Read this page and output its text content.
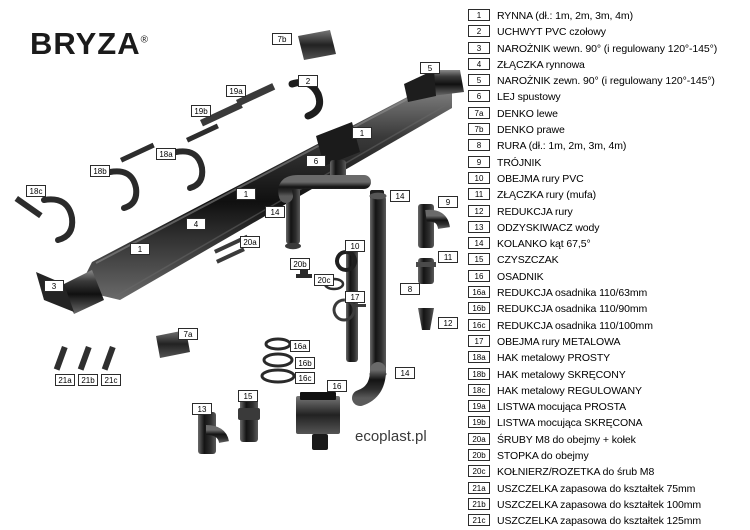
BRYZA®	7b
2
5
19a
19b
1
18a
6
18b
1	14
18c
9
14
4
20a
1	10
20b
11
3
20c
8
17
12
7a
16a
16b
16c
14
15
16
13
21a	21b	21c
ecoplast.pl
1	RYNNA (dł.: 1m, 2m, 3m, 4m)
2	UCHWYT PVC czołowy
3	NAROŻNIK wewn. 90° (i regulowany 120°-145°)
4	ZŁĄCZKA rynnowa
5	NAROŻNIK zewn. 90° (i regulowany 120°-145°)
6	LEJ spustowy
7a	DENKO lewe
7b	DENKO prawe
8	RURA (dł.: 1m, 2m, 3m, 4m)
9	TRÓJNIK
10	OBEJMA rury PVC
11	ZŁĄCZKA rury (mufa)
12	REDUKCJA rury
13	ODZYSKIWACZ wody
14	KOLANKO kąt 67,5°
15	CZYSZCZAK
16	OSADNIK
16a	REDUKCJA osadnika 110/63mm
16b	REDUKCJA osadnika 110/90mm
16c	REDUKCJA osadnika 110/100mm
17	OBEJMA rury METALOWA
18a	HAK metalowy PROSTY
18b	HAK metalowy SKRĘCONY
18c	HAK metalowy REGULOWANY
19a	LISTWA mocująca PROSTA
19b	LISTWA mocująca SKRĘCONA
20a	ŚRUBY M8 do obejmy + kołek
20b	STOPKA do obejmy
20c	KOŁNIERZ/ROZETKA do śrub M8
21a	USZCZELKA zapasowa do kształtek 75mm
21b	USZCZELKA zapasowa do kształtek 100mm
21c	USZCZELKA zapasowa do kształtek 125mm
